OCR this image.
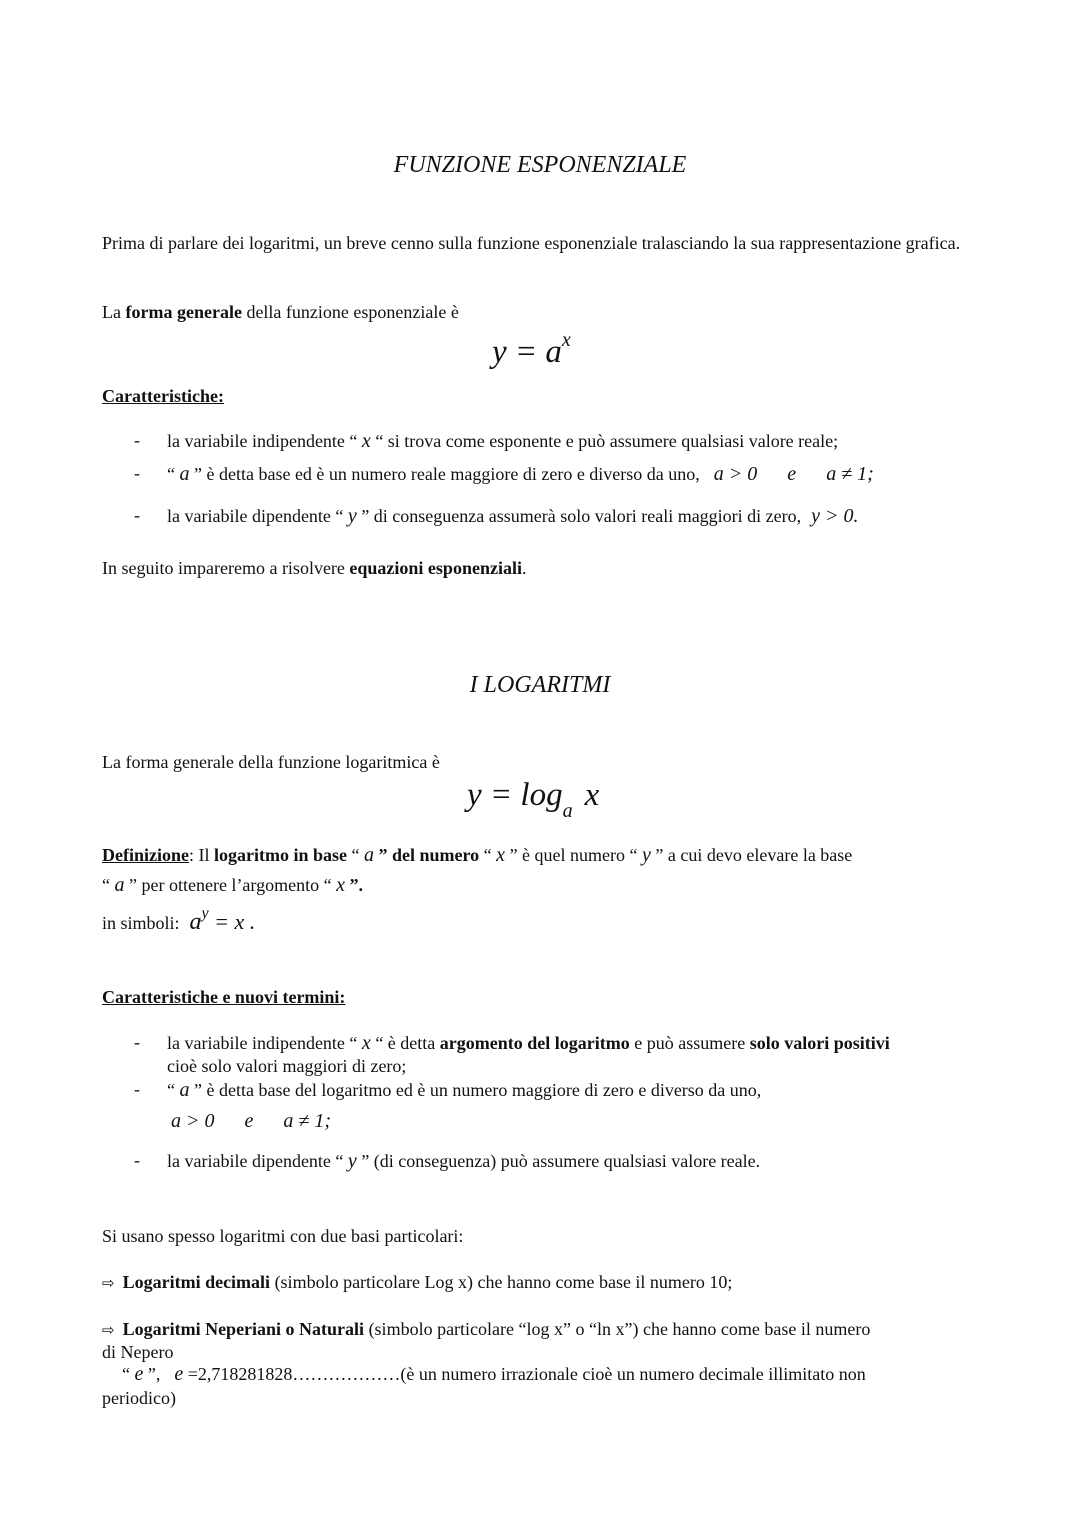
FUNZIONE ESPONENZIALE
Prima di parlare dei logaritmi, un breve cenno sulla funzione esponenziale tralasciando la sua rappresentazione grafica.
La forma generale della funzione esponenziale è
$y = a^x$
Caratteristiche:
- la variabile indipendente “ x “ si trova come esponente e può assumere qualsiasi valore reale;
- “ a ” è detta base ed è un numero reale maggiore di zero e diverso da uno, a > 0 e a ≠ 1;
- la variabile dipendente “ y ” di conseguenza assumerà solo valori reali maggiori di zero, y > 0.
In seguito impareremo a risolvere equazioni esponenziali.
I LOGARITMI
La forma generale della funzione logaritmica è
$y = \log_a x$
Definizione: Il logaritmo in base “ a ” del numero “ x ” è quel numero “ y ” a cui devo elevare la base
“ a ” per ottenere l’argomento “ x ”.
in simboli: $a^y = x$ .
Caratteristiche e nuovi termini:
- la variabile indipendente “ x “ è detta argomento del logaritmo e può assumere solo valori positivi
cioè solo valori maggiori di zero;
- “ a ” è detta base del logaritmo ed è un numero maggiore di zero e diverso da uno,
a > 0 e a ≠ 1;
- la variabile dipendente “ y ” (di conseguenza) può assumere qualsiasi valore reale.
Si usano spesso logaritmi con due basi particolari:
⇨ Logaritmi decimali (simbolo particolare Log x) che hanno come base il numero 10;
⇨ Logaritmi Neperiani o Naturali (simbolo particolare “log x” o “ln x”) che hanno come base il numero
di Nepero
“ e ”, e =2,718281828………………(è un numero irrazionale cioè un numero decimale illimitato non
periodico)
